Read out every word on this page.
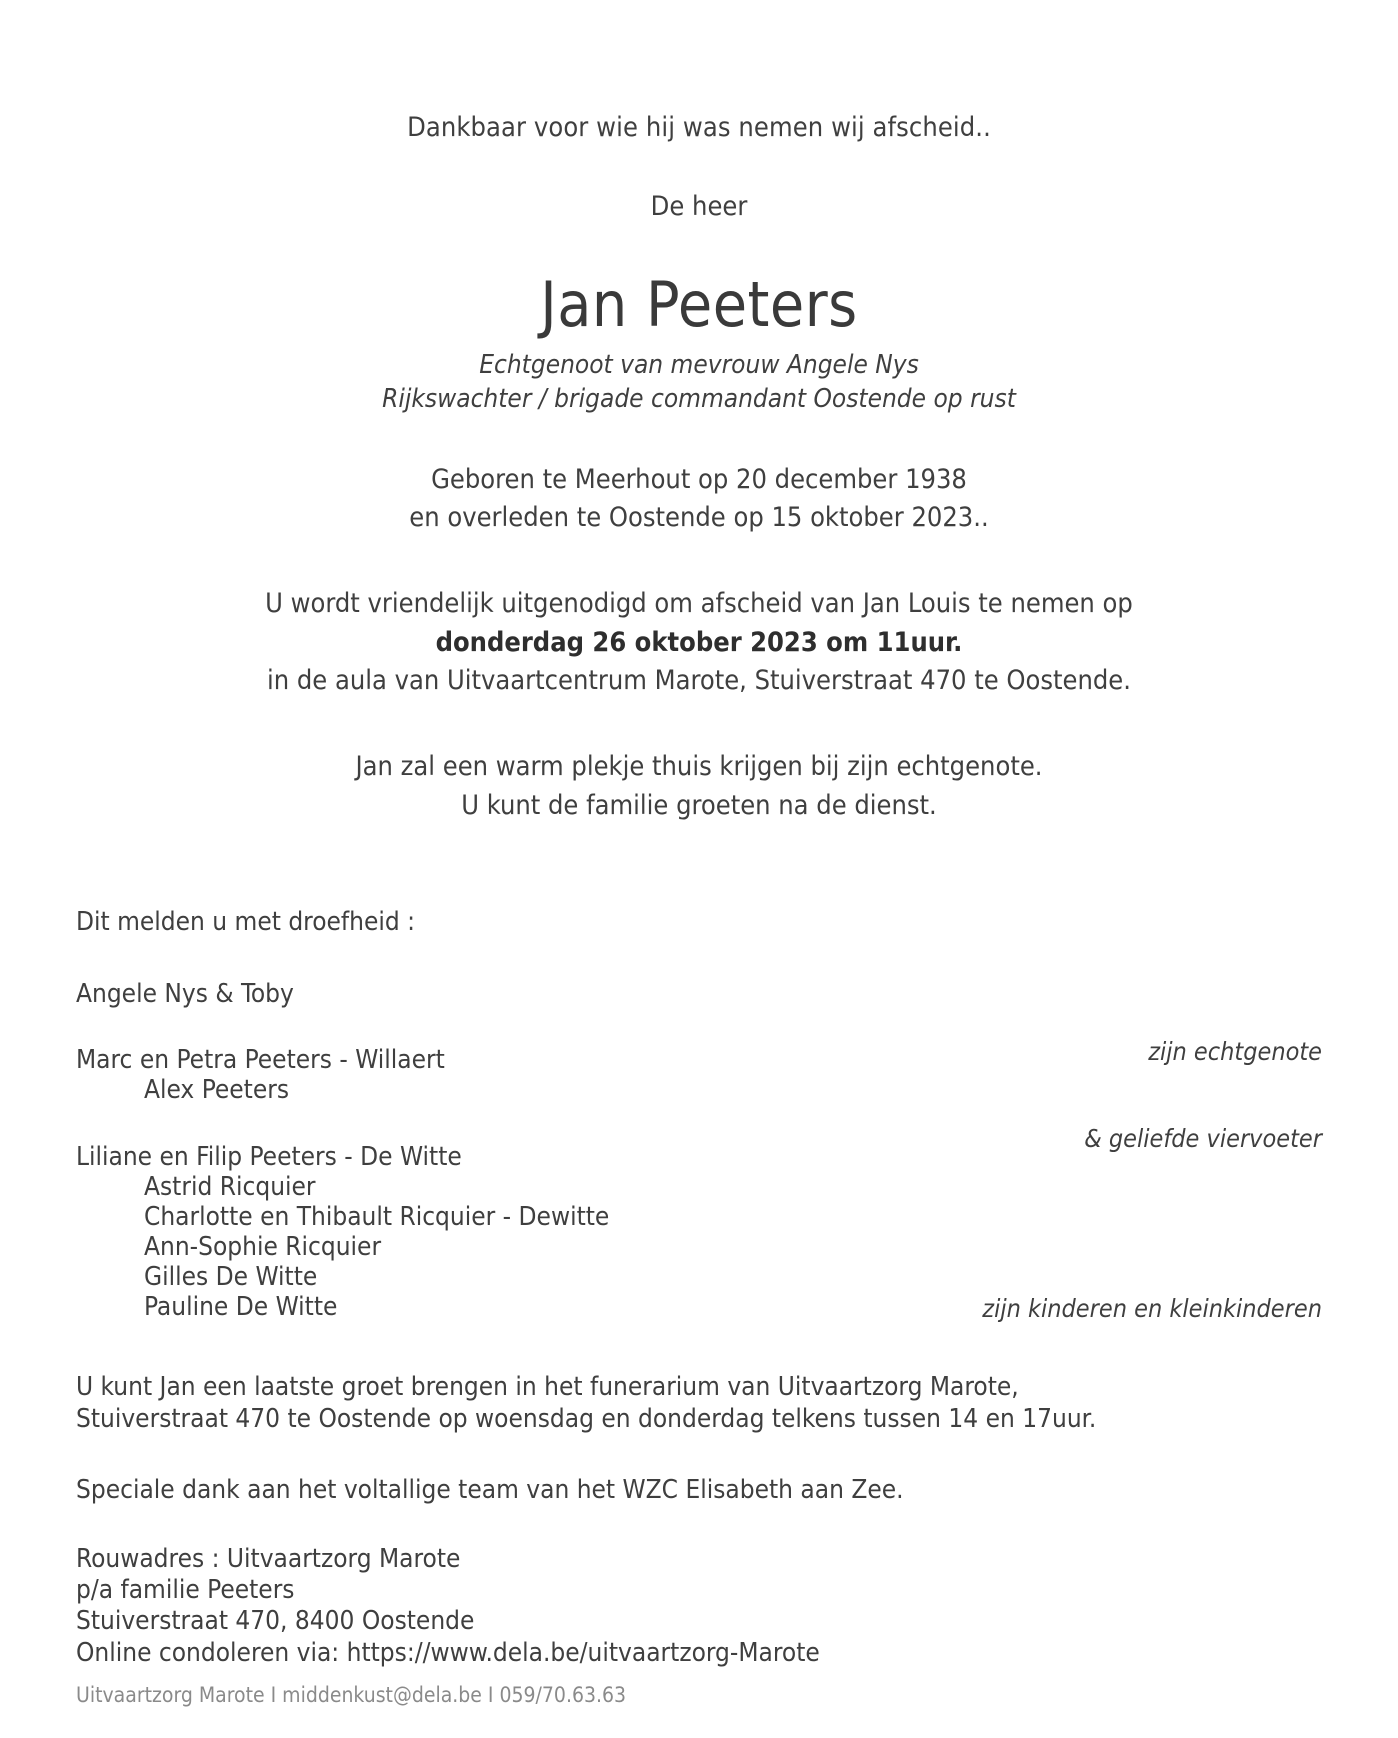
Dankbaar voor wie hij was nemen wij afscheid..
De heer
Jan Peeters
Echtgenoot van mevrouw Angele Nys
Rijkswachter / brigade commandant Oostende op rust
Geboren te Meerhout op 20 december 1938
en overleden te Oostende op 15 oktober 2023..
U wordt vriendelijk uitgenodigd om afscheid van Jan Louis te nemen op
donderdag 26 oktober 2023 om 11uur.
in de aula van Uitvaartcentrum Marote, Stuiverstraat 470 te Oostende.
Jan zal een warm plekje thuis krijgen bij zijn echtgenote.
U kunt de familie groeten na de dienst.
Dit melden u met droefheid :
Angele Nys & Toby

zijn echtgenote

& geliefde viervoeter

Marc en Petra Peeters - Willaert
Alex Peeters
Liliane en Filip Peeters - De Witte
Astrid Ricquier
Charlotte en Thibault Ricquier - Dewitte
Ann-Sophie Ricquier
Gilles De Witte
Pauline De Witte	zijn kinderen en kleinkinderen
U kunt Jan een laatste groet brengen in het funerarium van Uitvaartzorg Marote,
Stuiverstraat 470 te Oostende op woensdag en donderdag telkens tussen 14 en 17uur.
Speciale dank aan het voltallige team van het WZC Elisabeth aan Zee.
Rouwadres : Uitvaartzorg Marote
p/a familie Peeters
Stuiverstraat 470, 8400 Oostende
Online condoleren via: https://www.dela.be/uitvaartzorg-Marote
Uitvaartzorg Marote I middenkust@dela.be I 059/70.63.63
